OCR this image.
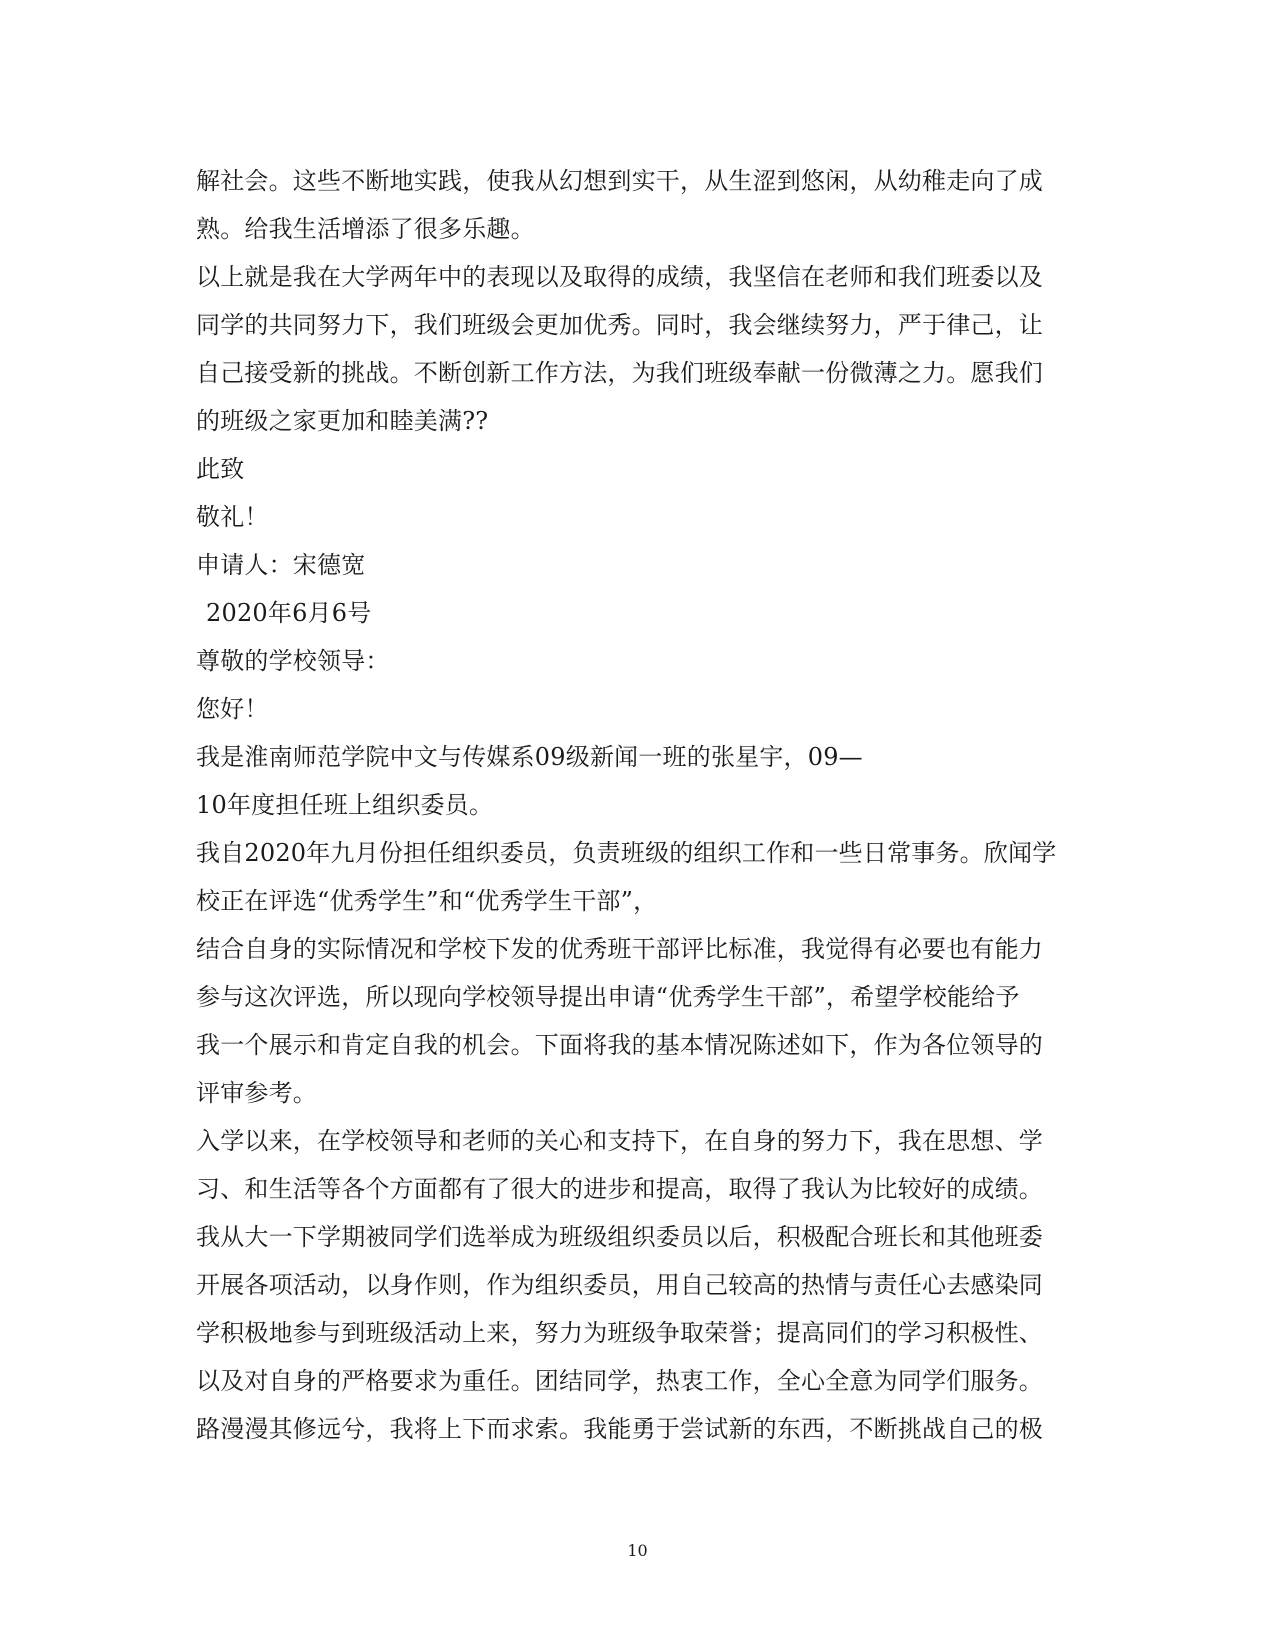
解社会。这些不断地实践，使我从幻想到实干，从生涩到悠闲，从幼稚走向了成
熟。给我生活增添了很多乐趣。
以上就是我在大学两年中的表现以及取得的成绩，我坚信在老师和我们班委以及
同学的共同努力下，我们班级会更加优秀。同时，我会继续努力，严于律己，让
自己接受新的挑战。不断创新工作方法，为我们班级奉献一份微薄之力。愿我们
的班级之家更加和睦美满??
此致
敬礼！
申请人：宋德宽
2020年6月6号
尊敬的学校领导：
您好！
我是淮南师范学院中文与传媒系09级新闻一班的张星宇，09—
10年度担任班上组织委员。
我自2020年九月份担任组织委员，负责班级的组织工作和一些日常事务。欣闻学
校正在评选“优秀学生”和“优秀学生干部”，
结合自身的实际情况和学校下发的优秀班干部评比标准，我觉得有必要也有能力
参与这次评选，所以现向学校领导提出申请“优秀学生干部”，希望学校能给予
我一个展示和肯定自我的机会。下面将我的基本情况陈述如下，作为各位领导的
评审参考。
入学以来，在学校领导和老师的关心和支持下，在自身的努力下，我在思想、学
习、和生活等各个方面都有了很大的进步和提高，取得了我认为比较好的成绩。
我从大一下学期被同学们选举成为班级组织委员以后，积极配合班长和其他班委
开展各项活动，以身作则，作为组织委员，用自己较高的热情与责任心去感染同
学积极地参与到班级活动上来，努力为班级争取荣誉；提高同们的学习积极性、
以及对自身的严格要求为重任。团结同学，热衷工作，全心全意为同学们服务。
路漫漫其修远兮，我将上下而求索。我能勇于尝试新的东西，不断挑战自己的极
10
